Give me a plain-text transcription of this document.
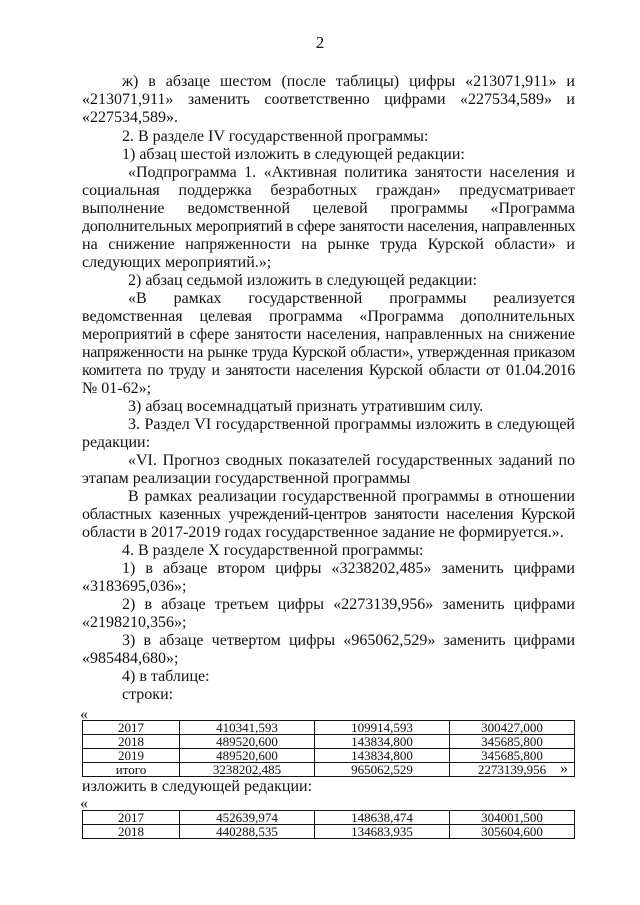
2
ж) в абзаце шестом (после таблицы) цифры «213071,911» и
«213071,911» заменить соответственно цифрами «227534,589» и
«227534,589».
2. В разделе IV государственной программы:
1) абзац шестой изложить в следующей редакции:
«Подпрограмма 1. «Активная политика занятости населения и
социальная поддержка безработных граждан» предусматривает
выполнение ведомственной целевой программы «Программа
дополнительных мероприятий в сфере занятости населения, направленных
на снижение напряженности на рынке труда Курской области» и
следующих мероприятий.»;
2) абзац седьмой изложить в следующей редакции:
«В рамках государственной программы реализуется
ведомственная целевая программа «Программа дополнительных
мероприятий в сфере занятости населения, направленных на снижение
напряженности на рынке труда Курской области», утвержденная приказом
комитета по труду и занятости населения Курской области от 01.04.2016
№ 01-62»;
3) абзац восемнадцатый признать утратившим силу.
3. Раздел VI государственной программы изложить в следующей
редакции:
«VI. Прогноз сводных показателей государственных заданий по
этапам реализации государственной программы
В рамках реализации государственной программы в отношении
областных казенных учреждений-центров занятости населения Курской
области в 2017-2019 годах государственное задание не формируется.».
4. В разделе X государственной программы:
1) в абзаце втором цифры «3238202,485» заменить цифрами
«3183695,036»;
2) в абзаце третьем цифры «2273139,956» заменить цифрами
«2198210,356»;
3) в абзаце четвертом цифры «965062,529» заменить цифрами
«985484,680»;
4) в таблице:
строки:
«
2017	410341,593	109914,593	300427,000
2018	489520,600	143834,800	345685,800
2019	489520,600	143834,800	345685,800
итого	3238202,485	965062,529	2273139,956 »
изложить в следующей редакции:
«
2017	452639,974	148638,474	304001,500
2018	440288,535	134683,935	305604,600
